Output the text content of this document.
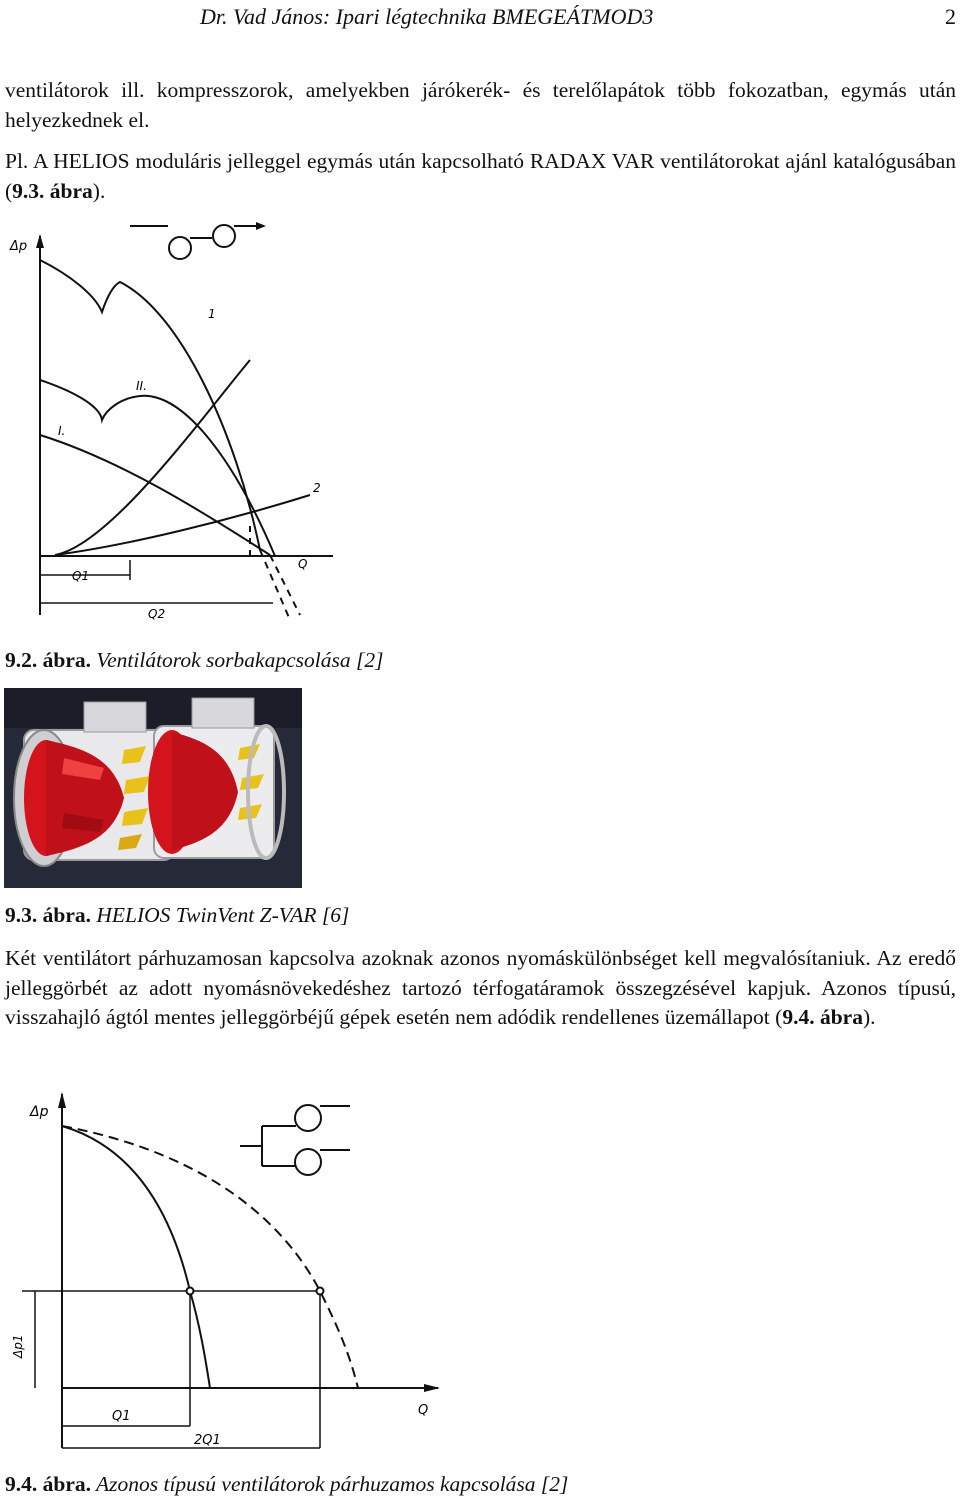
Dr. Vad János: Ipari légtechnika BMEGEÁTMOD3	2
ventilátorok ill. kompresszorok, amelyekben járókerék- és terelőlapátok több fokozatban, egymás után helyezkednek el.
Pl. A HELIOS moduláris jelleggel egymás után kapcsolható RADAX VAR ventilátorokat ajánl katalógusában (9.3. ábra).
Δp
1
2
II.
I.
Q
Q1
Q2
9.2. ábra. Ventilátorok sorbakapcsolása [2]
9.3. ábra. HELIOS TwinVent Z-VAR [6]
Két ventilátort párhuzamosan kapcsolva azoknak azonos nyomáskülönbséget kell megvalósítaniuk. Az eredő jelleggörbét az adott nyomásnövekedéshez tartozó térfogatáramok összegzésével kapjuk. Azonos típusú, visszahajló ágtól mentes jelleggörbéjű gépek esetén nem adódik rendellenes üzemállapot (9.4. ábra).
Δp
Δp1
Q
Q1
2Q1
9.4. ábra. Azonos típusú ventilátorok párhuzamos kapcsolása [2]
